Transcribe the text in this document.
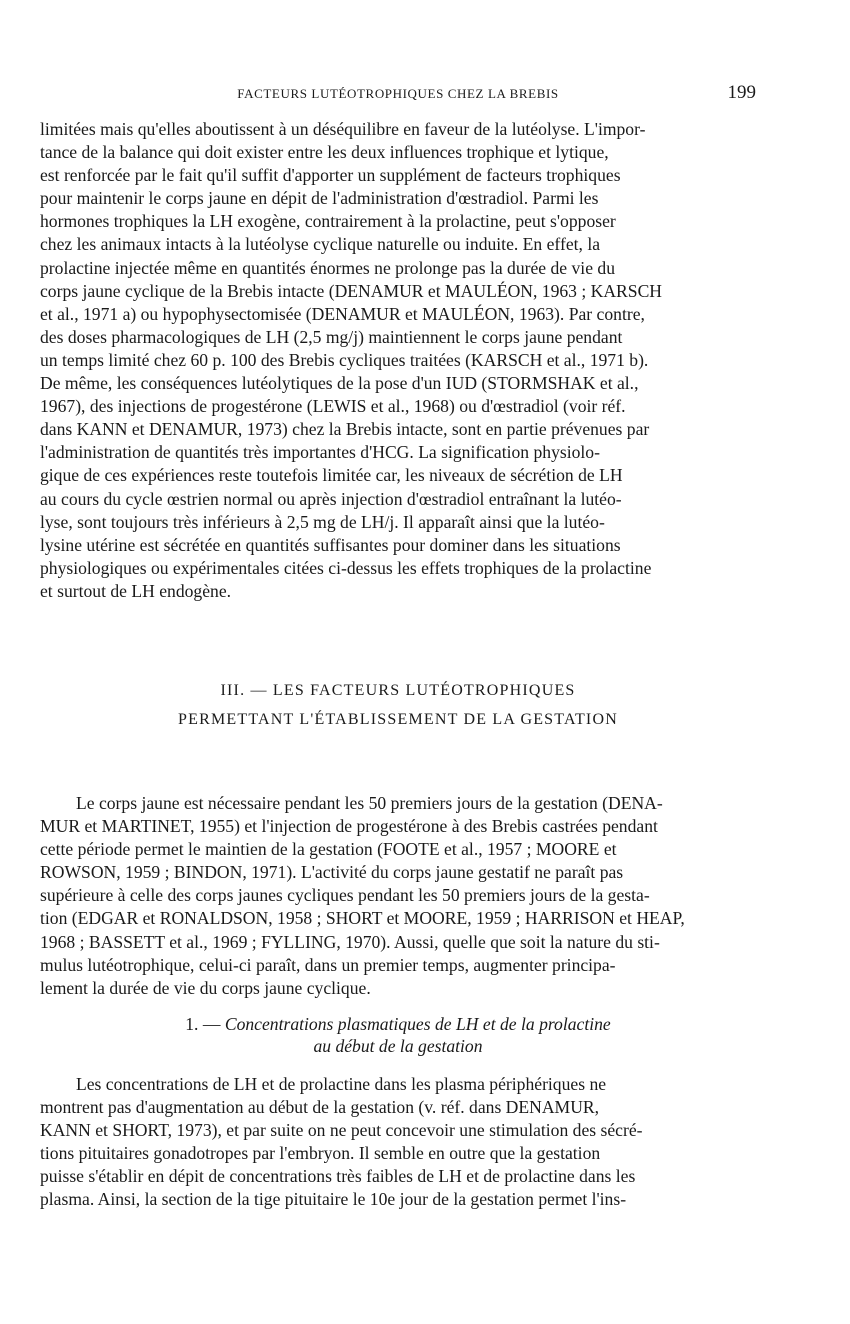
FACTEURS LUTÉOTROPHIQUES CHEZ LA BREBIS	199

limitées mais qu'elles aboutissent à un déséquilibre en faveur de la lutéolyse. L'impor-

tance de la balance qui doit exister entre les deux influences trophique et lytique,

est renforcée par le fait qu'il suffit d'apporter un supplément de facteurs trophiques

pour maintenir le corps jaune en dépit de l'administration d'œstradiol. Parmi les

hormones trophiques la LH exogène, contrairement à la prolactine, peut s'opposer

chez les animaux intacts à la lutéolyse cyclique naturelle ou induite. En effet, la

prolactine injectée même en quantités énormes ne prolonge pas la durée de vie du

corps jaune cyclique de la Brebis intacte (DENAMUR et MAULÉON, 1963 ; KARSCH

et al., 1971 a) ou hypophysectomisée (DENAMUR et MAULÉON, 1963). Par contre,

des doses pharmacologiques de LH (2,5 mg/j) maintiennent le corps jaune pendant

un temps limité chez 60 p. 100 des Brebis cycliques traitées (KARSCH et al., 1971 b).

De même, les conséquences lutéolytiques de la pose d'un IUD (STORMSHAK et al.,

1967), des injections de progestérone (LEWIS et al., 1968) ou d'œstradiol (voir réf.

dans KANN et DENAMUR, 1973) chez la Brebis intacte, sont en partie prévenues par

l'administration de quantités très importantes d'HCG. La signification physiolo-

gique de ces expériences reste toutefois limitée car, les niveaux de sécrétion de LH

au cours du cycle œstrien normal ou après injection d'œstradiol entraînant la lutéo-

lyse, sont toujours très inférieurs à 2,5 mg de LH/j. Il apparaît ainsi que la lutéo-

lysine utérine est sécrétée en quantités suffisantes pour dominer dans les situations

physiologiques ou expérimentales citées ci-dessus les effets trophiques de la prolactine

et surtout de LH endogène.

III. — LES FACTEURS LUTÉOTROPHIQUES
PERMETTANT L'ÉTABLISSEMENT DE LA GESTATION

Le corps jaune est nécessaire pendant les 50 premiers jours de la gestation (DENA-

MUR et MARTINET, 1955) et l'injection de progestérone à des Brebis castrées pendant

cette période permet le maintien de la gestation (FOOTE et al., 1957 ; MOORE et

ROWSON, 1959 ; BINDON, 1971). L'activité du corps jaune gestatif ne paraît pas

supérieure à celle des corps jaunes cycliques pendant les 50 premiers jours de la gesta-

tion (EDGAR et RONALDSON, 1958 ; SHORT et MOORE, 1959 ; HARRISON et HEAP,

1968 ; BASSETT et al., 1969 ; FYLLING, 1970). Aussi, quelle que soit la nature du sti-

mulus lutéotrophique, celui-ci paraît, dans un premier temps, augmenter principa-

lement la durée de vie du corps jaune cyclique.

1. — Concentrations plasmatiques de LH et de la prolactine
au début de la gestation

Les concentrations de LH et de prolactine dans les plasma périphériques ne

montrent pas d'augmentation au début de la gestation (v. réf. dans DENAMUR,

KANN et SHORT, 1973), et par suite on ne peut concevoir une stimulation des sécré-

tions pituitaires gonadotropes par l'embryon. Il semble en outre que la gestation

puisse s'établir en dépit de concentrations très faibles de LH et de prolactine dans les

plasma. Ainsi, la section de la tige pituitaire le 10e jour de la gestation permet l'ins-
